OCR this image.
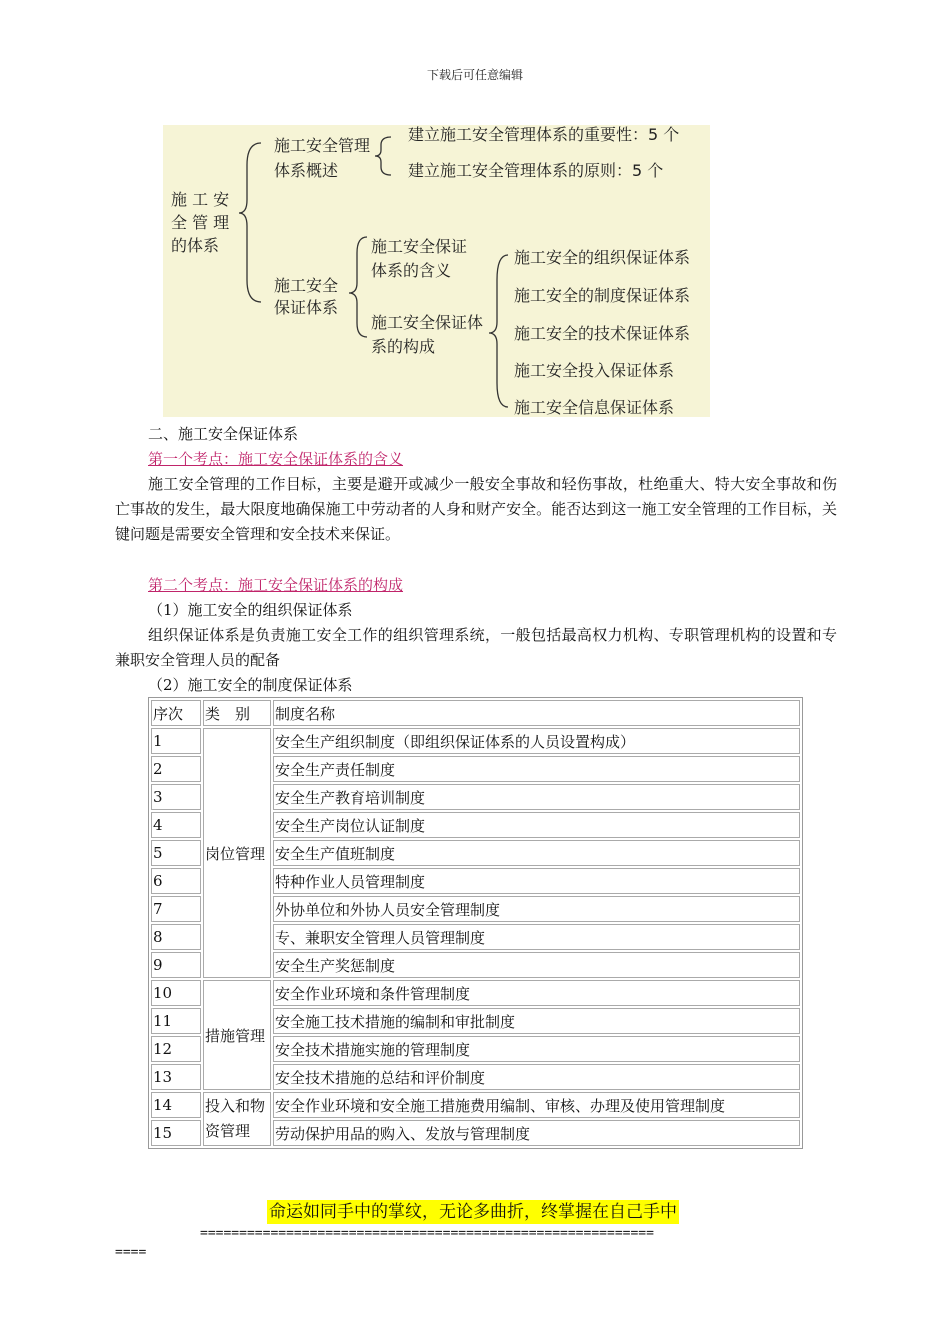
下载后可任意编辑
施 工 安
全 管 理
的体系
施工安全管理
体系概述
建立施工安全管理体系的重要性：5 个
建立施工安全管理体系的原则：5 个
施工安全
保证体系
施工安全保证
体系的含义
施工安全保证体
系的构成
施工安全的组织保证体系
施工安全的制度保证体系
施工安全的技术保证体系
施工安全投入保证体系
施工安全信息保证体系
二、施工安全保证体系
第一个考点：施工安全保证体系的含义
施工安全管理的工作目标，主要是避开或减少一般安全事故和轻伤事故，杜绝重大、特大安全事故和伤亡事故的发生，最大限度地确保施工中劳动者的人身和财产安全。能否达到这一施工安全管理的工作目标，关键问题是需要安全管理和安全技术来保证。
第二个考点：施工安全保证体系的构成
（1）施工安全的组织保证体系
组织保证体系是负责施工安全工作的组织管理系统，一般包括最高权力机构、专职管理机构的设置和专兼职安全管理人员的配备
（2）施工安全的制度保证体系
序次	类　别	制度名称
1	岗位管理	安全生产组织制度（即组织保证体系的人员设置构成）
2		安全生产责任制度
3		安全生产教育培训制度
4		安全生产岗位认证制度
5		安全生产值班制度
6		特种作业人员管理制度
7		外协单位和外协人员安全管理制度
8		专、兼职安全管理人员管理制度
9		安全生产奖惩制度
10	措施管理	安全作业环境和条件管理制度
11		安全施工技术措施的编制和审批制度
12		安全技术措施实施的管理制度
13		安全技术措施的总结和评价制度
14	投入和物资管理	安全作业环境和安全施工措施费用编制、审核、办理及使用管理制度
15		劳动保护用品的购入、发放与管理制度
命运如同手中的掌纹，无论多曲折，终掌握在自己手中
==========================================================
====
